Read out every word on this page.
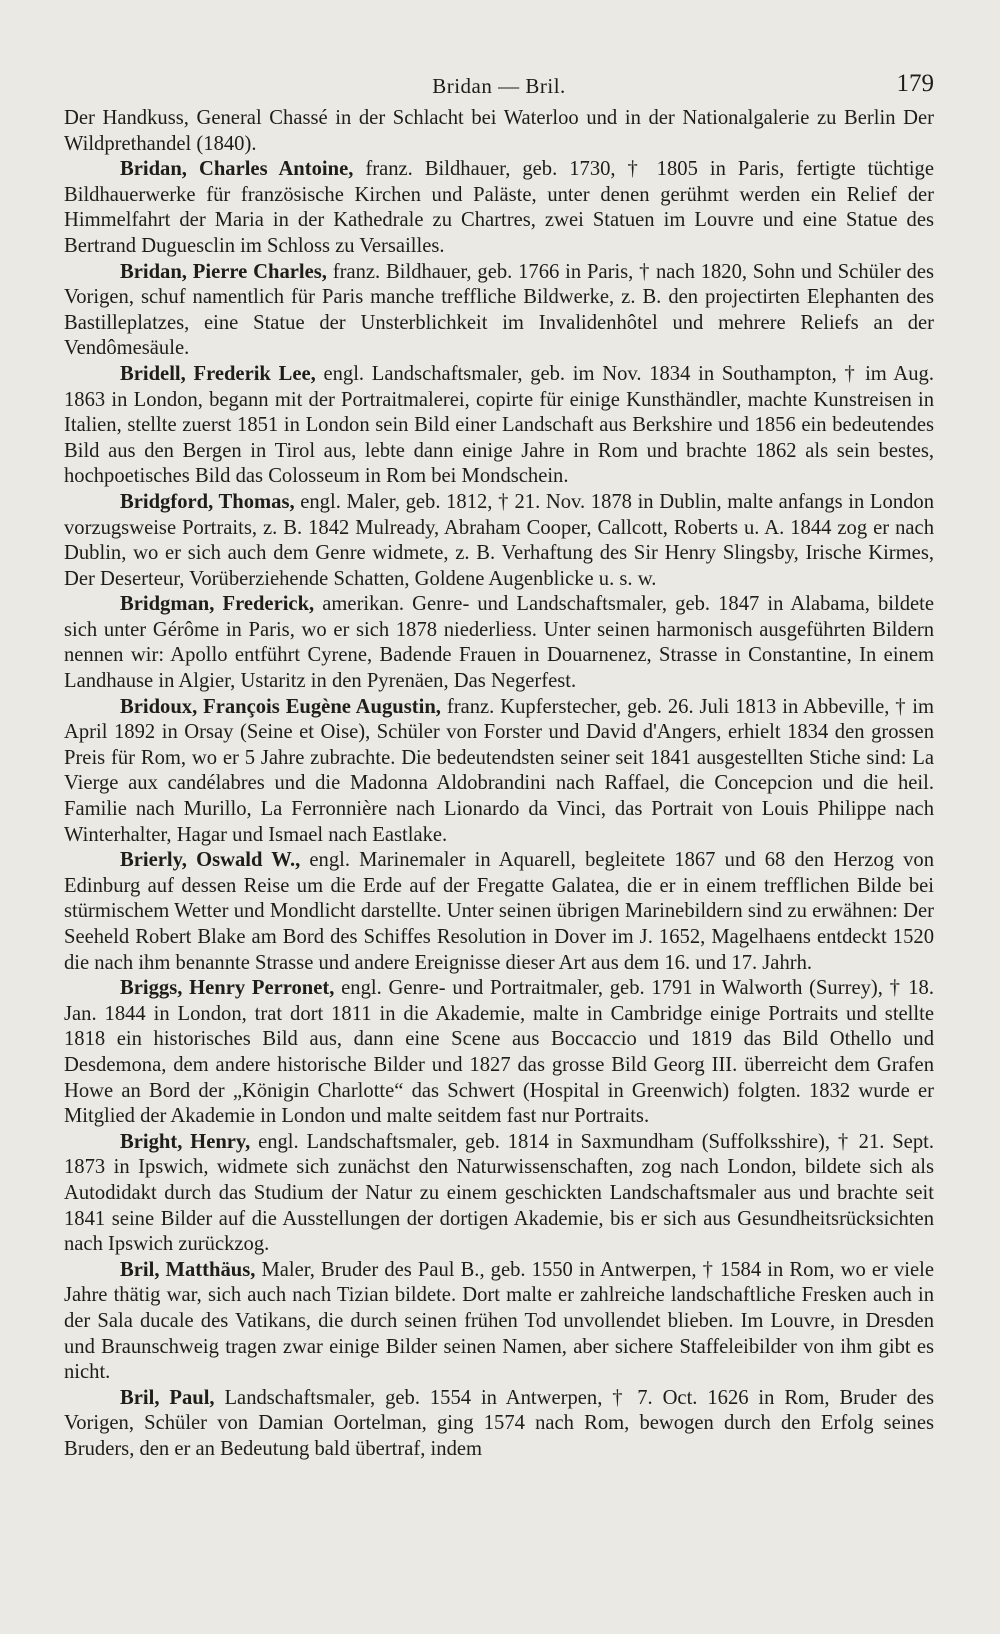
Bridan — Bril.	179

Der Handkuss, General Chassé in der Schlacht bei Waterloo und in der Nationalgalerie zu Berlin Der Wildprethandel (1840).

Bridan, Charles Antoine, franz. Bildhauer, geb. 1730, † 1805 in Paris, fertigte tüchtige Bildhauerwerke für französische Kirchen und Paläste, unter denen gerühmt werden ein Relief der Himmelfahrt der Maria in der Kathedrale zu Chartres, zwei Statuen im Louvre und eine Statue des Bertrand Duguesclin im Schloss zu Versailles.

Bridan, Pierre Charles, franz. Bildhauer, geb. 1766 in Paris, † nach 1820, Sohn und Schüler des Vorigen, schuf namentlich für Paris manche treffliche Bildwerke, z. B. den projectirten Elephanten des Bastilleplatzes, eine Statue der Unsterblichkeit im Invalidenhôtel und mehrere Reliefs an der Vendômesäule.

Bridell, Frederik Lee, engl. Landschaftsmaler, geb. im Nov. 1834 in Southampton, † im Aug. 1863 in London, begann mit der Portraitmalerei, copirte für einige Kunsthändler, machte Kunstreisen in Italien, stellte zuerst 1851 in London sein Bild einer Landschaft aus Berkshire und 1856 ein bedeutendes Bild aus den Bergen in Tirol aus, lebte dann einige Jahre in Rom und brachte 1862 als sein bestes, hochpoetisches Bild das Colosseum in Rom bei Mondschein.

Bridgford, Thomas, engl. Maler, geb. 1812, † 21. Nov. 1878 in Dublin, malte anfangs in London vorzugsweise Portraits, z. B. 1842 Mulready, Abraham Cooper, Callcott, Roberts u. A. 1844 zog er nach Dublin, wo er sich auch dem Genre widmete, z. B. Verhaftung des Sir Henry Slingsby, Irische Kirmes, Der Deserteur, Vorüberziehende Schatten, Goldene Augenblicke u. s. w.

Bridgman, Frederick, amerikan. Genre- und Landschaftsmaler, geb. 1847 in Alabama, bildete sich unter Gérôme in Paris, wo er sich 1878 niederliess. Unter seinen harmonisch ausgeführten Bildern nennen wir: Apollo entführt Cyrene, Badende Frauen in Douarnenez, Strasse in Constantine, In einem Landhause in Algier, Ustaritz in den Pyrenäen, Das Negerfest.

Bridoux, François Eugène Augustin, franz. Kupferstecher, geb. 26. Juli 1813 in Abbeville, † im April 1892 in Orsay (Seine et Oise), Schüler von Forster und David d'Angers, erhielt 1834 den grossen Preis für Rom, wo er 5 Jahre zubrachte. Die bedeutendsten seiner seit 1841 ausgestellten Stiche sind: La Vierge aux candélabres und die Madonna Aldobrandini nach Raffael, die Concepcion und die heil. Familie nach Murillo, La Ferronnière nach Lionardo da Vinci, das Portrait von Louis Philippe nach Winterhalter, Hagar und Ismael nach Eastlake.

Brierly, Oswald W., engl. Marinemaler in Aquarell, begleitete 1867 und 68 den Herzog von Edinburg auf dessen Reise um die Erde auf der Fregatte Galatea, die er in einem trefflichen Bilde bei stürmischem Wetter und Mondlicht darstellte. Unter seinen übrigen Marinebildern sind zu erwähnen: Der Seeheld Robert Blake am Bord des Schiffes Resolution in Dover im J. 1652, Magelhaens entdeckt 1520 die nach ihm benannte Strasse und andere Ereignisse dieser Art aus dem 16. und 17. Jahrh.

Briggs, Henry Perronet, engl. Genre- und Portraitmaler, geb. 1791 in Walworth (Surrey), † 18. Jan. 1844 in London, trat dort 1811 in die Akademie, malte in Cambridge einige Portraits und stellte 1818 ein historisches Bild aus, dann eine Scene aus Boccaccio und 1819 das Bild Othello und Desdemona, dem andere historische Bilder und 1827 das grosse Bild Georg III. überreicht dem Grafen Howe an Bord der „Königin Charlotte“ das Schwert (Hospital in Greenwich) folgten. 1832 wurde er Mitglied der Akademie in London und malte seitdem fast nur Portraits.

Bright, Henry, engl. Landschaftsmaler, geb. 1814 in Saxmundham (Suffolksshire), † 21. Sept. 1873 in Ipswich, widmete sich zunächst den Naturwissenschaften, zog nach London, bildete sich als Autodidakt durch das Studium der Natur zu einem geschickten Landschaftsmaler aus und brachte seit 1841 seine Bilder auf die Ausstellungen der dortigen Akademie, bis er sich aus Gesundheitsrücksichten nach Ipswich zurückzog.

Bril, Matthäus, Maler, Bruder des Paul B., geb. 1550 in Antwerpen, † 1584 in Rom, wo er viele Jahre thätig war, sich auch nach Tizian bildete. Dort malte er zahlreiche landschaftliche Fresken auch in der Sala ducale des Vatikans, die durch seinen frühen Tod unvollendet blieben. Im Louvre, in Dresden und Braunschweig tragen zwar einige Bilder seinen Namen, aber sichere Staffeleibilder von ihm gibt es nicht.

Bril, Paul, Landschaftsmaler, geb. 1554 in Antwerpen, † 7. Oct. 1626 in Rom, Bruder des Vorigen, Schüler von Damian Oortelman, ging 1574 nach Rom, bewogen durch den Erfolg seines Bruders, den er an Bedeutung bald übertraf, indem
